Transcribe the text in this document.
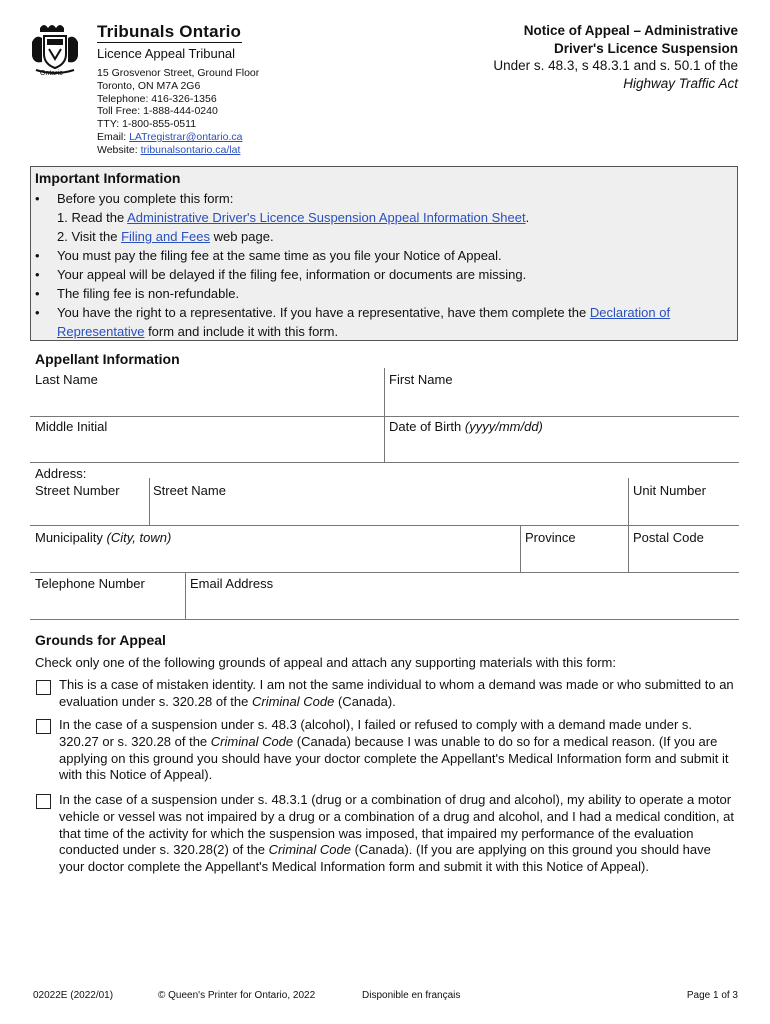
Ontario
Tribunals Ontario
Licence Appeal Tribunal
15 Grosvenor Street, Ground Floor
Toronto, ON M7A 2G6
Telephone: 416-326-1356
Toll Free: 1-888-444-0240
TTY: 1-800-855-0511
Email: LATregistrar@ontario.ca
Website: tribunalsontario.ca/lat
Notice of Appeal – Administrative
Driver's Licence Suspension
Under s. 48.3, s 48.3.1 and s. 50.1 of the
Highway Traffic Act
Important Information
• Before you complete this form:
1. Read the Administrative Driver's Licence Suspension Appeal Information Sheet.
2. Visit the Filing and Fees web page.
• You must pay the filing fee at the same time as you file your Notice of Appeal.
• Your appeal will be delayed if the filing fee, information or documents are missing.
• The filing fee is non-refundable.
• You have the right to a representative. If you have a representative, have them complete the Declaration of Representative form and include it with this form.
Appellant Information
Last Name	First Name
Middle Initial	Date of Birth (yyyy/mm/dd)
Address:
Street Number	Street Name	Unit Number
Municipality (City, town)	Province	Postal Code
Telephone Number	Email Address
Grounds for Appeal
Check only one of the following grounds of appeal and attach any supporting materials with this form:
This is a case of mistaken identity. I am not the same individual to whom a demand was made or who submitted to an evaluation under s. 320.28 of the Criminal Code (Canada).
In the case of a suspension under s. 48.3 (alcohol), I failed or refused to comply with a demand made under s. 320.27 or s. 320.28 of the Criminal Code (Canada) because I was unable to do so for a medical reason. (If you are applying on this ground you should have your doctor complete the Appellant's Medical Information form and submit it with this Notice of Appeal).
In the case of a suspension under s. 48.3.1 (drug or a combination of drug and alcohol), my ability to operate a motor vehicle or vessel was not impaired by a drug or a combination of a drug and alcohol, and I had a medical condition, at that time of the activity for which the suspension was imposed, that impaired my performance of the evaluation conducted under s. 320.28(2) of the Criminal Code (Canada). (If you are applying on this ground you should have your doctor complete the Appellant's Medical Information form and submit it with this Notice of Appeal).
02022E (2022/01)	© Queen's Printer for Ontario, 2022	Disponible en français	Page 1 of 3
